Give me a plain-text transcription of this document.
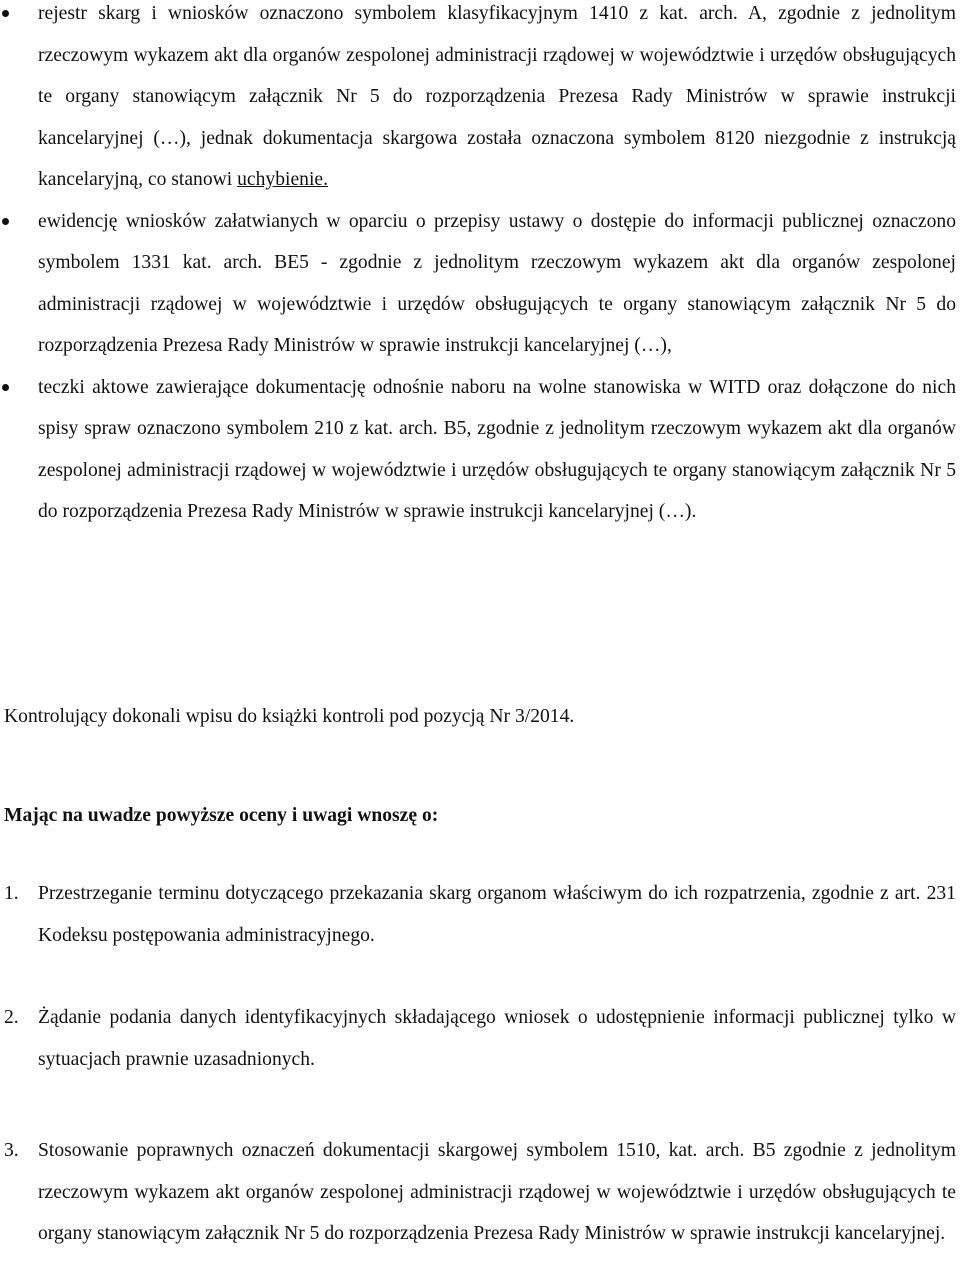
rejestr skarg i wniosków oznaczono symbolem klasyfikacyjnym 1410 z kat. arch. A, zgodnie z jednolitym rzeczowym wykazem akt dla organów zespolonej administracji rządowej w województwie i urzędów obsługujących te organy stanowiącym załącznik Nr 5 do rozporządzenia Prezesa Rady Ministrów w sprawie instrukcji kancelaryjnej (…), jednak dokumentacja skargowa została oznaczona symbolem 8120 niezgodnie z instrukcją kancelaryjną, co stanowi uchybienie.
ewidencję wniosków załatwianych w oparciu o przepisy ustawy o dostępie do informacji publicznej oznaczono symbolem 1331 kat. arch. BE5 - zgodnie z jednolitym rzeczowym wykazem akt dla organów zespolonej administracji rządowej w województwie i urzędów obsługujących te organy stanowiącym załącznik Nr 5 do rozporządzenia Prezesa Rady Ministrów w sprawie instrukcji kancelaryjnej (…),
teczki aktowe zawierające dokumentację odnośnie naboru na wolne stanowiska w WITD oraz dołączone do nich spisy spraw oznaczono symbolem 210 z kat. arch. B5, zgodnie z jednolitym rzeczowym wykazem akt dla organów zespolonej administracji rządowej w województwie i urzędów obsługujących te organy stanowiącym załącznik Nr 5 do rozporządzenia Prezesa Rady Ministrów w sprawie instrukcji kancelaryjnej (…).

Kontrolujący dokonali wpisu do książki kontroli pod pozycją Nr 3/2014.

Mając na uwadze powyższe oceny i uwagi wnoszę o:

1. Przestrzeganie terminu dotyczącego przekazania skarg organom właściwym do ich rozpatrzenia, zgodnie z art. 231 Kodeksu postępowania administracyjnego.
2. Żądanie podania danych identyfikacyjnych składającego wniosek o udostępnienie informacji publicznej tylko w sytuacjach prawnie uzasadnionych.
3. Stosowanie poprawnych oznaczeń dokumentacji skargowej symbolem 1510, kat. arch. B5 zgodnie z jednolitym rzeczowym wykazem akt organów zespolonej administracji rządowej w województwie i urzędów obsługujących te organy stanowiącym załącznik Nr 5 do rozporządzenia Prezesa Rady Ministrów w sprawie instrukcji kancelaryjnej.
